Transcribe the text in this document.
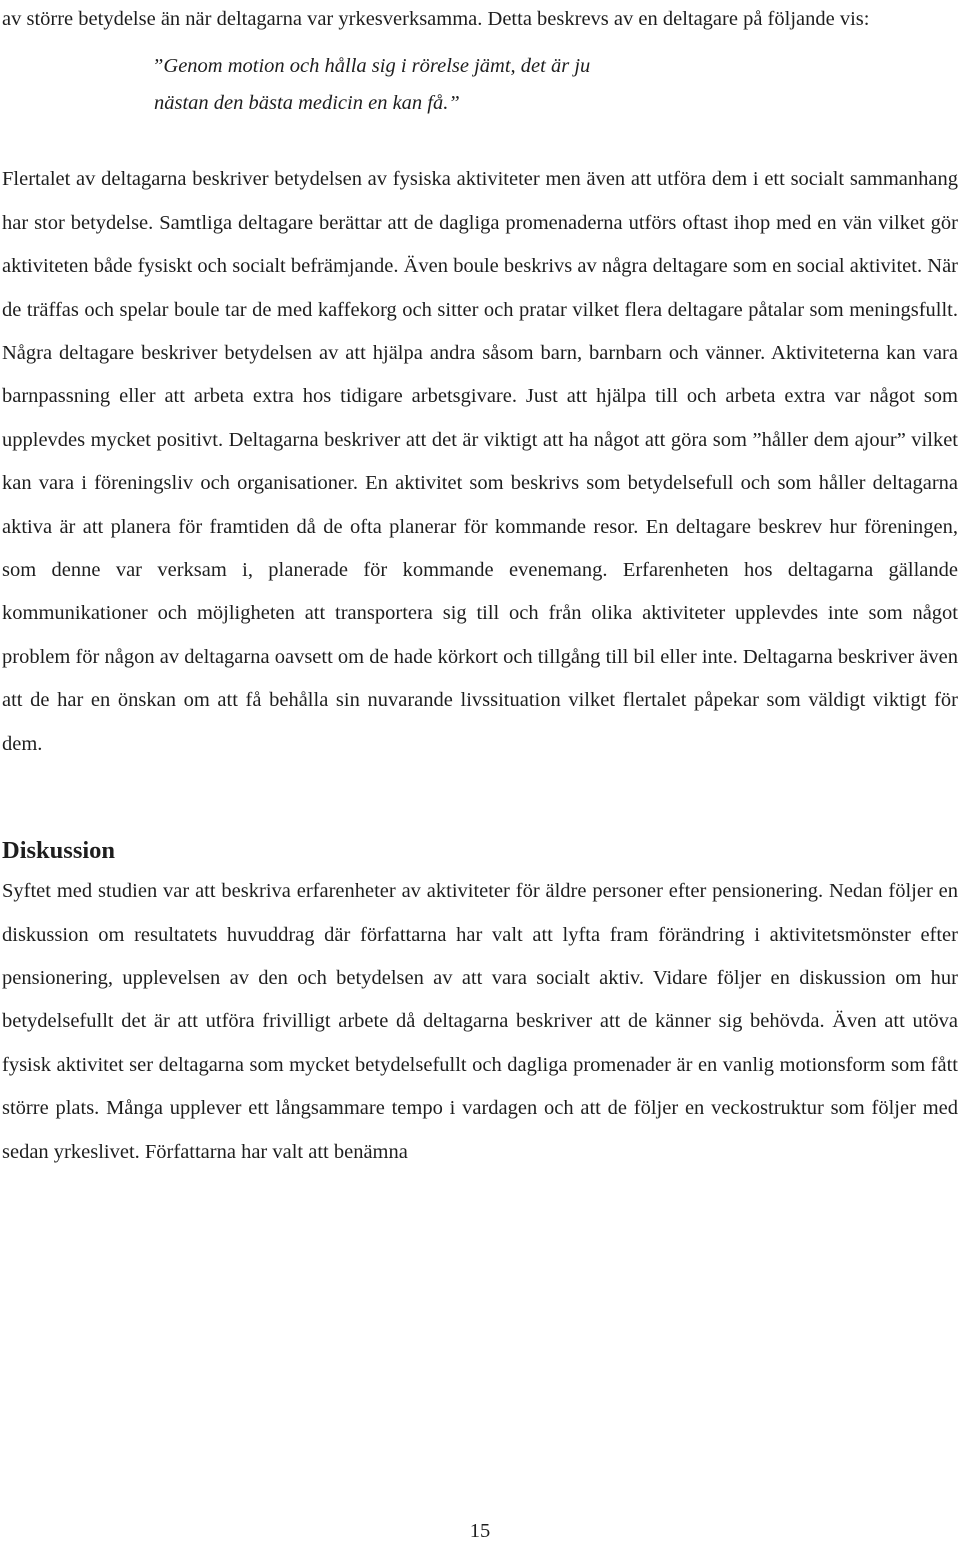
av större betydelse än när deltagarna var yrkesverksamma. Detta beskrevs av en deltagare på följande vis:

”Genom motion och hålla sig i rörelse jämt, det är ju
nästan den bästa medicin en kan få.”

Flertalet av deltagarna beskriver betydelsen av fysiska aktiviteter men även att utföra dem i ett socialt sammanhang har stor betydelse. Samtliga deltagare berättar att de dagliga promenaderna utförs oftast ihop med en vän vilket gör aktiviteten både fysiskt och socialt befrämjande. Även boule beskrivs av några deltagare som en social aktivitet. När de träffas och spelar boule tar de med kaffekorg och sitter och pratar vilket flera deltagare påtalar som meningsfullt. Några deltagare beskriver betydelsen av att hjälpa andra såsom barn, barnbarn och vänner. Aktiviteterna kan vara barnpassning eller att arbeta extra hos tidigare arbetsgivare. Just att hjälpa till och arbeta extra var något som upplevdes mycket positivt. Deltagarna beskriver att det är viktigt att ha något att göra som ”håller dem ajour” vilket kan vara i föreningsliv och organisationer. En aktivitet som beskrivs som betydelsefull och som håller deltagarna aktiva är att planera för framtiden då de ofta planerar för kommande resor. En deltagare beskrev hur föreningen, som denne var verksam i, planerade för kommande evenemang. Erfarenheten hos deltagarna gällande kommunikationer och möjligheten att transportera sig till och från olika aktiviteter upplevdes inte som något problem för någon av deltagarna oavsett om de hade körkort och tillgång till bil eller inte. Deltagarna beskriver även att de har en önskan om att få behålla sin nuvarande livssituation vilket flertalet påpekar som väldigt viktigt för dem.

Diskussion

Syftet med studien var att beskriva erfarenheter av aktiviteter för äldre personer efter pensionering. Nedan följer en diskussion om resultatets huvuddrag där författarna har valt att lyfta fram förändring i aktivitetsmönster efter pensionering, upplevelsen av den och betydelsen av att vara socialt aktiv. Vidare följer en diskussion om hur betydelsefullt det är att utföra frivilligt arbete då deltagarna beskriver att de känner sig behövda. Även att utöva fysisk aktivitet ser deltagarna som mycket betydelsefullt och dagliga promenader är en vanlig motionsform som fått större plats. Många upplever ett långsammare tempo i vardagen och att de följer en veckostruktur som följer med sedan yrkeslivet. Författarna har valt att benämna

15
